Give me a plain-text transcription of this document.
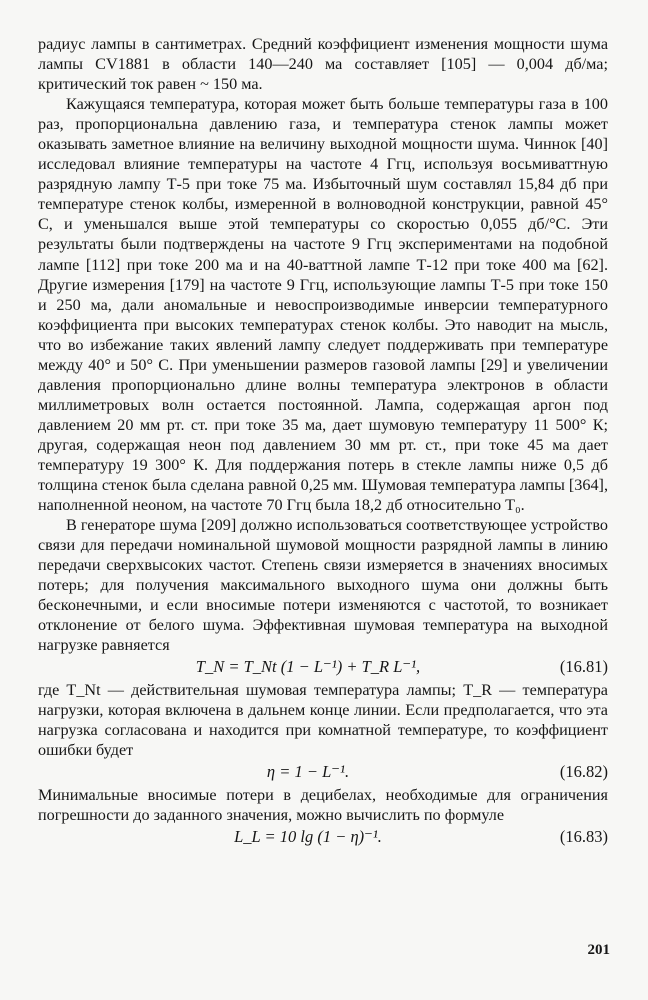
радиус лампы в сантиметрах. Средний коэффициент изменения мощности шума лампы CV1881 в области 140—240 ма составляет [105] — 0,004 дб/ма; критический ток равен ~ 150 ма.

Кажущаяся температура, которая может быть больше температуры газа в 100 раз, пропорциональна давлению газа, и температура стенок лампы может оказывать заметное влияние на величину выходной мощности шума. Чиннок [40] исследовал влияние температуры на частоте 4 Ггц, используя восьмиваттную разрядную лампу Т-5 при токе 75 ма. Избыточный шум составлял 15,84 дб при температуре стенок колбы, измеренной в волноводной конструкции, равной 45° С, и уменьшался выше этой температуры со скоростью 0,055 дб/°С. Эти результаты были подтверждены на частоте 9 Ггц экспериментами на подобной лампе [112] при токе 200 ма и на 40-ваттной лампе Т-12 при токе 400 ма [62]. Другие измерения [179] на частоте 9 Ггц, использующие лампы Т-5 при токе 150 и 250 ма, дали аномальные и невоспроизводимые инверсии температурного коэффициента при высоких температурах стенок колбы. Это наводит на мысль, что во избежание таких явлений лампу следует поддерживать при температуре между 40° и 50° С. При уменьшении размеров газовой лампы [29] и увеличении давления пропорционально длине волны температура электронов в области миллиметровых волн остается постоянной. Лампа, содержащая аргон под давлением 20 мм рт. ст. при токе 35 ма, дает шумовую температуру 11 500° К; другая, содержащая неон под давлением 30 мм рт. ст., при токе 45 ма дает температуру 19 300° К. Для поддержания потерь в стекле лампы ниже 0,5 дб толщина стенок была сделана равной 0,25 мм. Шумовая температура лампы [364], наполненной неоном, на частоте 70 Ггц была 18,2 дб относительно T₀.

В генераторе шума [209] должно использоваться соответствующее устройство связи для передачи номинальной шумовой мощности разрядной лампы в линию передачи сверхвысоких частот. Степень связи измеряется в значениях вносимых потерь; для получения максимального выходного шума они должны быть бесконечными, и если вносимые потери изменяются с частотой, то возникает отклонение от белого шума. Эффективная шумовая температура на выходной нагрузке равняется

T_N = T_Nt (1 − L⁻¹) + T_R L⁻¹,	(16.81)

где T_Nt — действительная шумовая температура лампы; T_R — температура нагрузки, которая включена в дальнем конце линии. Если предполагается, что эта нагрузка согласована и находится при комнатной температуре, то коэффициент ошибки будет

η = 1 − L⁻¹.	(16.82)

Минимальные вносимые потери в децибелах, необходимые для ограничения погрешности до заданного значения, можно вычислить по формуле

L_L = 10 lg (1 − η)⁻¹.	(16.83)
201
